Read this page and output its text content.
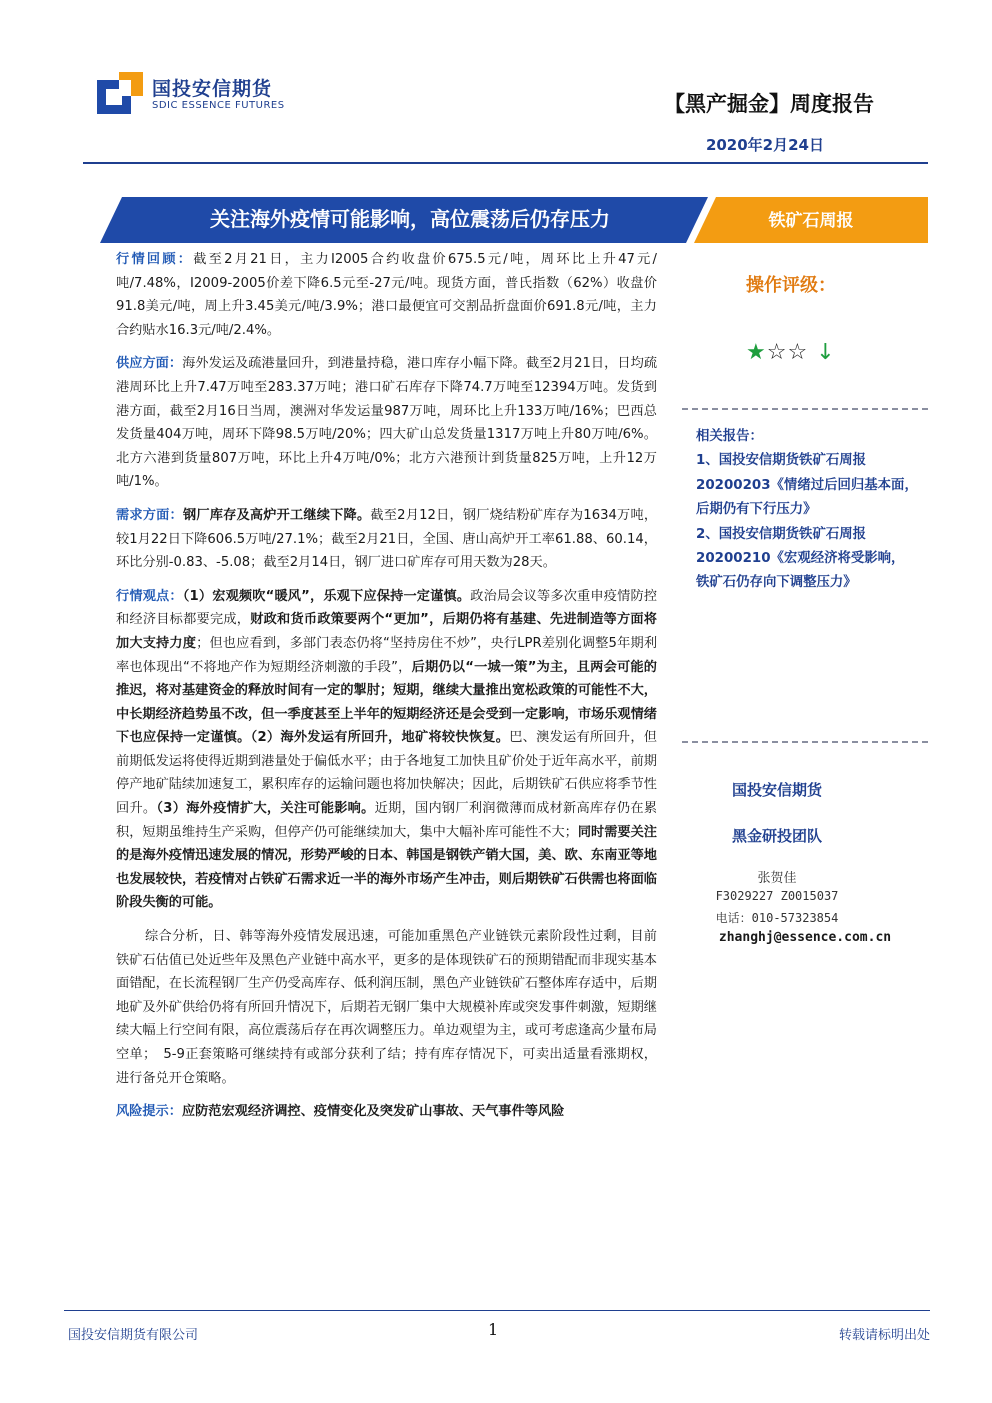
国投安信期货
SDIC ESSENCE FUTURES	【黑产掘金】周度报告
2020年2月24日
关注海外疫情可能影响，高位震荡后仍存压力	铁矿石周报

行情回顾：截至2月21日，主力I2005合约收盘价675.5元/吨，周环比上升47元/吨/7.48%，I2009-2005价差下降6.5元至-27元/吨。现货方面，普氏指数（62%）收盘价91.8美元/吨，周上升3.45美元/吨/3.9%；港口最便宜可交割品折盘面价691.8元/吨，主力合约贴水16.3元/吨/2.4%。

供应方面：海外发运及疏港量回升，到港量持稳，港口库存小幅下降。截至2月21日，日均疏港周环比上升7.47万吨至283.37万吨；港口矿石库存下降74.7万吨至12394万吨。发货到港方面，截至2月16日当周，澳洲对华发运量987万吨，周环比上升133万吨/16%；巴西总发货量404万吨，周环下降98.5万吨/20%；四大矿山总发货量1317万吨上升80万吨/6%。北方六港到货量807万吨，环比上升4万吨/0%；北方六港预计到货量825万吨，上升12万吨/1%。

需求方面：钢厂库存及高炉开工继续下降。截至2月12日，钢厂烧结粉矿库存为1634万吨，较1月22日下降606.5万吨/27.1%；截至2月21日，全国、唐山高炉开工率61.88、60.14，环比分别-0.83、-5.08；截至2月14日，钢厂进口矿库存可用天数为28天。

行情观点：（1）宏观频吹“暖风”，乐观下应保持一定谨慎。政治局会议等多次重申疫情防控和经济目标都要完成，财政和货币政策要两个“更加”，后期仍将有基建、先进制造等方面将加大支持力度；但也应看到，多部门表态仍将“坚持房住不炒”，央行LPR差别化调整5年期利率也体现出“不将地产作为短期经济刺激的手段”，后期仍以“一城一策”为主，且两会可能的推迟，将对基建资金的释放时间有一定的掣肘；短期，继续大量推出宽松政策的可能性不大，中长期经济趋势虽不改，但一季度甚至上半年的短期经济还是会受到一定影响，市场乐观情绪下也应保持一定谨慎。（2）海外发运有所回升，地矿将较快恢复。巴、澳发运有所回升，但前期低发运将使得近期到港量处于偏低水平；由于各地复工加快且矿价处于近年高水平，前期停产地矿陆续加速复工，累积库存的运输问题也将加快解决；因此，后期铁矿石供应将季节性回升。（3）海外疫情扩大，关注可能影响。近期，国内钢厂利润微薄而成材新高库存仍在累积，短期虽维持生产采购，但停产仍可能继续加大，集中大幅补库可能性不大；同时需要关注的是海外疫情迅速发展的情况，形势严峻的日本、韩国是钢铁产销大国，美、欧、东南亚等地也发展较快，若疫情对占铁矿石需求近一半的海外市场产生冲击，则后期铁矿石供需也将面临阶段失衡的可能。

综合分析，日、韩等海外疫情发展迅速，可能加重黑色产业链铁元素阶段性过剩，目前铁矿石估值已处近些年及黑色产业链中高水平，更多的是体现铁矿石的预期错配而非现实基本面错配，在长流程钢厂生产仍受高库存、低利润压制，黑色产业链铁矿石整体库存适中，后期地矿及外矿供给仍将有所回升情况下，后期若无钢厂集中大规模补库或突发事件刺激，短期继续大幅上行空间有限，高位震荡后存在再次调整压力。单边观望为主，或可考虑逢高少量布局空单；　5-9正套策略可继续持有或部分获利了结；持有库存情况下，可卖出适量看涨期权，进行备兑开仓策略。

风险提示：应防范宏观经济调控、疫情变化及突发矿山事故、天气事件等风险

操作评级：
★☆☆ ↓
相关报告：
1、国投安信期货铁矿石周报
20200203《情绪过后回归基本面，
后期仍有下行压力》
2、国投安信期货铁矿石周报
20200210《宏观经济将受影响，
铁矿石仍存向下调整压力》
国投安信期货
黑金研投团队
张贺佳
F3029227 Z0015037
电话：010-57323854
zhanghj@essence.com.cn
国投安信期货有限公司	1	转载请标明出处
